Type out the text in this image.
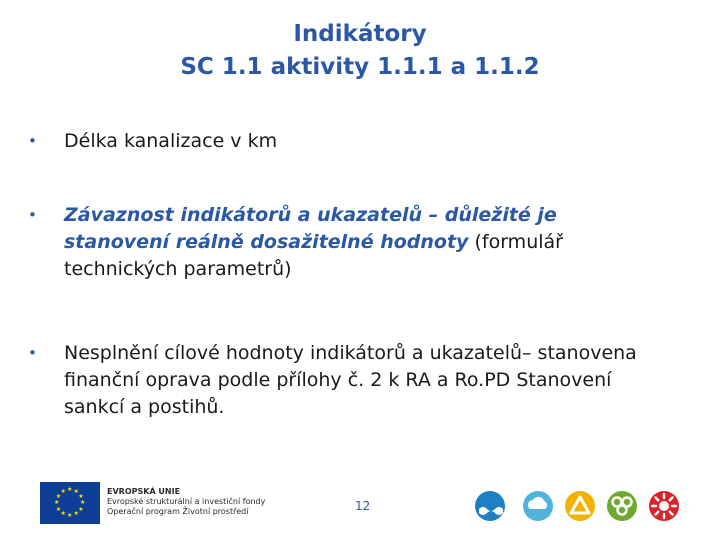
Indikátory
SC 1.1 aktivity 1.1.1 a 1.1.2
• Délka kanalizace v km
• Závaznost indikátorů a ukazatelů – důležité je stanovení reálně dosažitelné hodnoty (formulář technických parametrů)
• Nesplnění cílové hodnoty indikátorů a ukazatelů– stanovena finanční oprava podle přílohy č. 2 k RA a Ro.PD Stanovení sankcí a postihů.
★ ★
★
★
★
★
★
★
★
★
★
★	EVROPSKÁ UNIE
Evropské strukturální a investiční fondy
Operační program Životní prostředí	12
